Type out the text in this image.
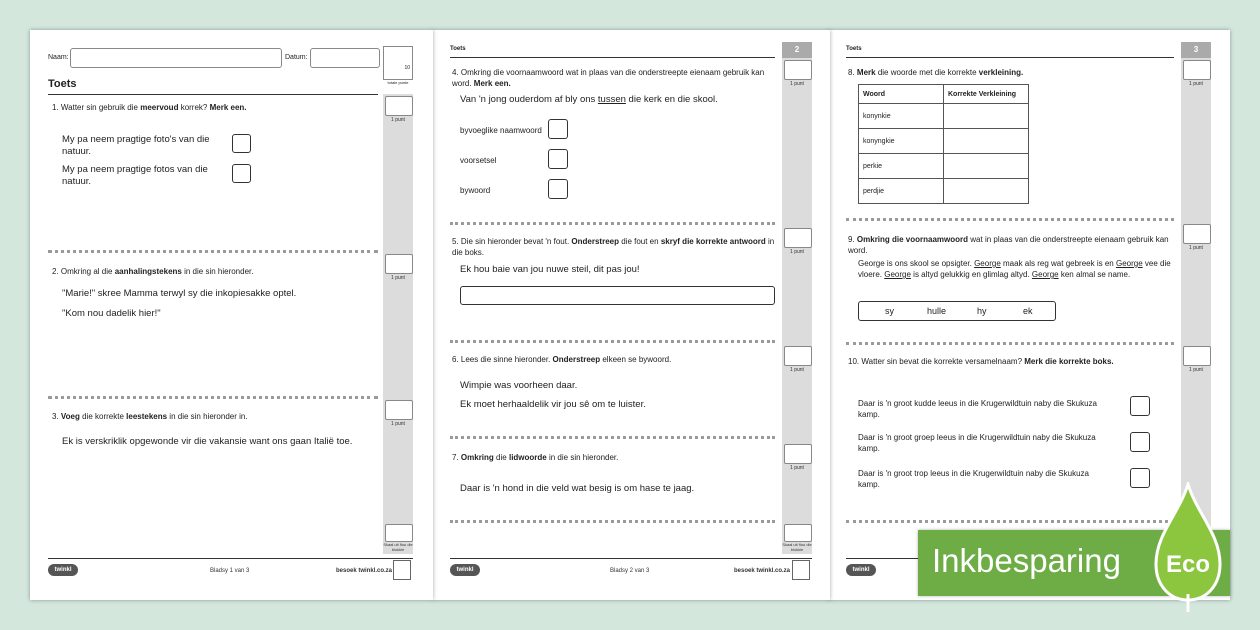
Naam:	Datum:
10
totale punte
Toets
1 punt
1 punt
1 punt
Skaal uit flou die blokkie
1. Watter sin gebruik die meervoud korrek? Merk een.
My pa neem pragtige foto's van die natuur.
My pa neem pragtige fotos van die natuur.
2. Omkring al die aanhalingstekens in die sin hieronder.
"Marie!" skree Mamma terwyl sy die inkopiesakke optel.
"Kom nou dadelik hier!"
3. Voeg die korrekte leestekens in die sin hieronder in.
Ek is verskriklik opgewonde vir die vakansie want ons gaan Italië toe.
twinkl	Bladsy 1 van 3	besoek twinkl.co.za
Toets	2
1 punt
1 punt
1 punt
1 punt
Skaal uit flou die blokkie
4. Omkring die voornaamwoord wat in plaas van die onderstreepte eienaam gebruik kan word. Merk een.
Van 'n jong ouderdom af bly ons tussen die kerk en die skool.
byvoeglike naamwoord
voorsetsel
bywoord
5. Die sin hieronder bevat 'n fout. Onderstreep die fout en skryf die korrekte antwoord in die boks.
Ek hou baie van jou nuwe steil, dit pas jou!
6. Lees die sinne hieronder. Onderstreep elkeen se bywoord.
Wimpie was voorheen daar.
Ek moet herhaaldelik vir jou sê om te luister.
7. Omkring die lidwoorde in die sin hieronder.
Daar is 'n hond in die veld wat besig is om hase te jaag.
twinkl	Bladsy 2 van 3	besoek twinkl.co.za
Toets	3
1 punt
1 punt
1 punt
8. Merk die woorde met die korrekte verkleining.
Woord	Korrekte Verkleining
konynkie	
konyngkie	
perkie	
perdjie	
9. Omkring die voornaamwoord wat in plaas van die onderstreepte eienaam gebruik kan word.
George is ons skool se opsigter. George maak als reg wat gebreek is en George vee die vloere. George is altyd gelukkig en glimlag altyd. George ken almal se name.
sy	hulle	hy	ek
10. Watter sin bevat die korrekte versamelnaam? Merk die korrekte boks.
Daar is 'n groot kudde leeus in die Krugerwildtuin naby die Skukuza kamp.
Daar is 'n groot groep leeus in die Krugerwildtuin naby die Skukuza kamp.
Daar is 'n groot trop leeus in die Krugerwildtuin naby die Skukuza kamp.
twinkl Inkbesparing Eco
